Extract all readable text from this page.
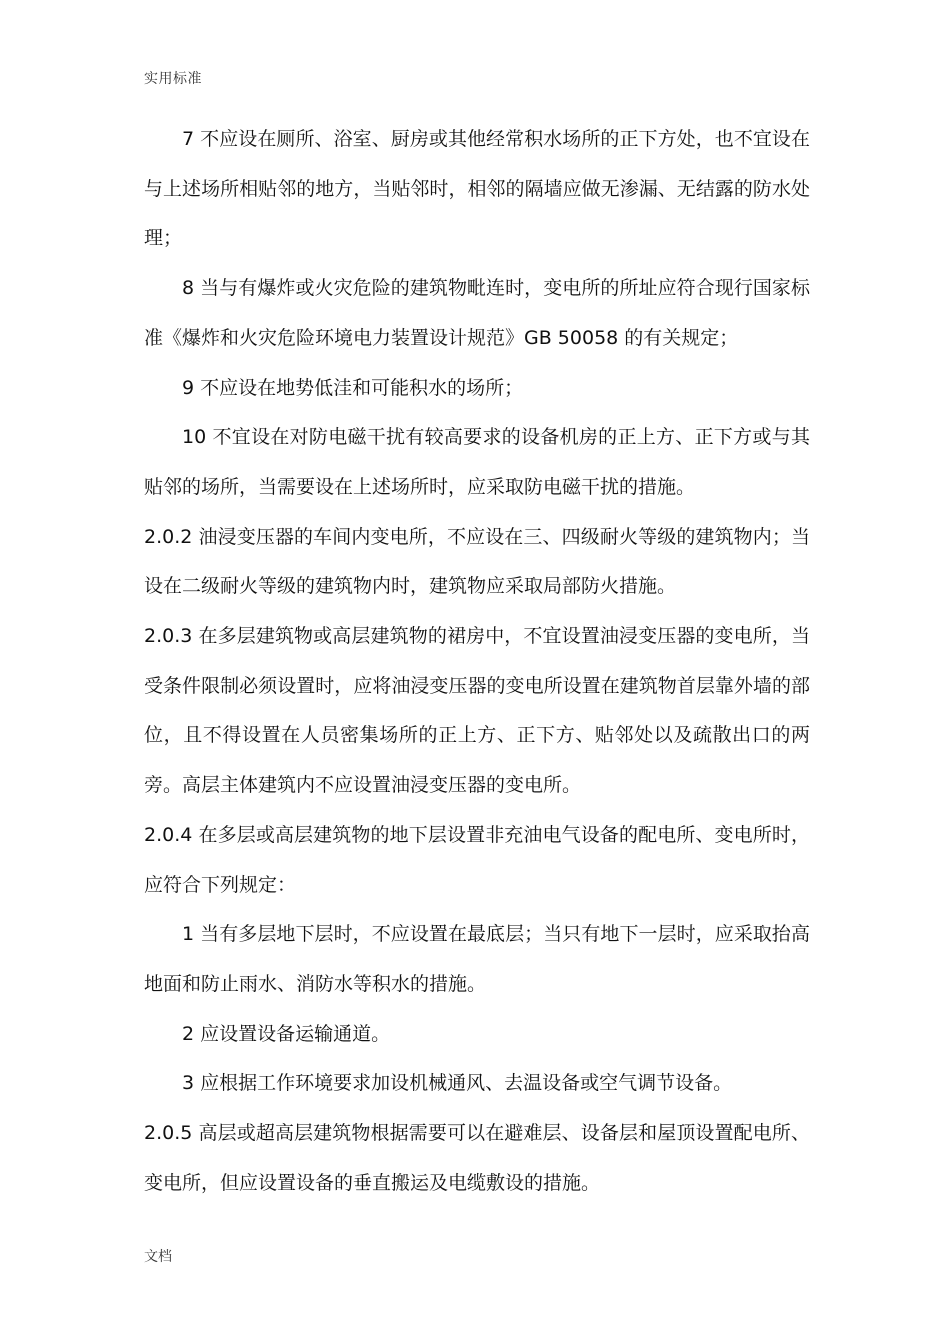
实用标准

7 不应设在厕所、浴室、厨房或其他经常积水场所的正下方处，也不宜设在与上述场所相贴邻的地方，当贴邻时，相邻的隔墙应做无渗漏、无结露的防水处理；

8 当与有爆炸或火灾危险的建筑物毗连时，变电所的所址应符合现行国家标准《爆炸和火灾危险环境电力装置设计规范》GB 50058 的有关规定；

9 不应设在地势低洼和可能积水的场所；

10 不宜设在对防电磁干扰有较高要求的设备机房的正上方、正下方或与其贴邻的场所，当需要设在上述场所时，应采取防电磁干扰的措施。

2.0.2 油浸变压器的车间内变电所，不应设在三、四级耐火等级的建筑物内；当设在二级耐火等级的建筑物内时，建筑物应采取局部防火措施。

2.0.3 在多层建筑物或高层建筑物的裙房中，不宜设置油浸变压器的变电所，当受条件限制必须设置时，应将油浸变压器的变电所设置在建筑物首层靠外墙的部位，且不得设置在人员密集场所的正上方、正下方、贴邻处以及疏散出口的两旁。高层主体建筑内不应设置油浸变压器的变电所。

2.0.4 在多层或高层建筑物的地下层设置非充油电气设备的配电所、变电所时，应符合下列规定：

1 当有多层地下层时，不应设置在最底层；当只有地下一层时，应采取抬高地面和防止雨水、消防水等积水的措施。

2 应设置设备运输通道。

3 应根据工作环境要求加设机械通风、去温设备或空气调节设备。

2.0.5 高层或超高层建筑物根据需要可以在避难层、设备层和屋顶设置配电所、变电所，但应设置设备的垂直搬运及电缆敷设的措施。

文档
